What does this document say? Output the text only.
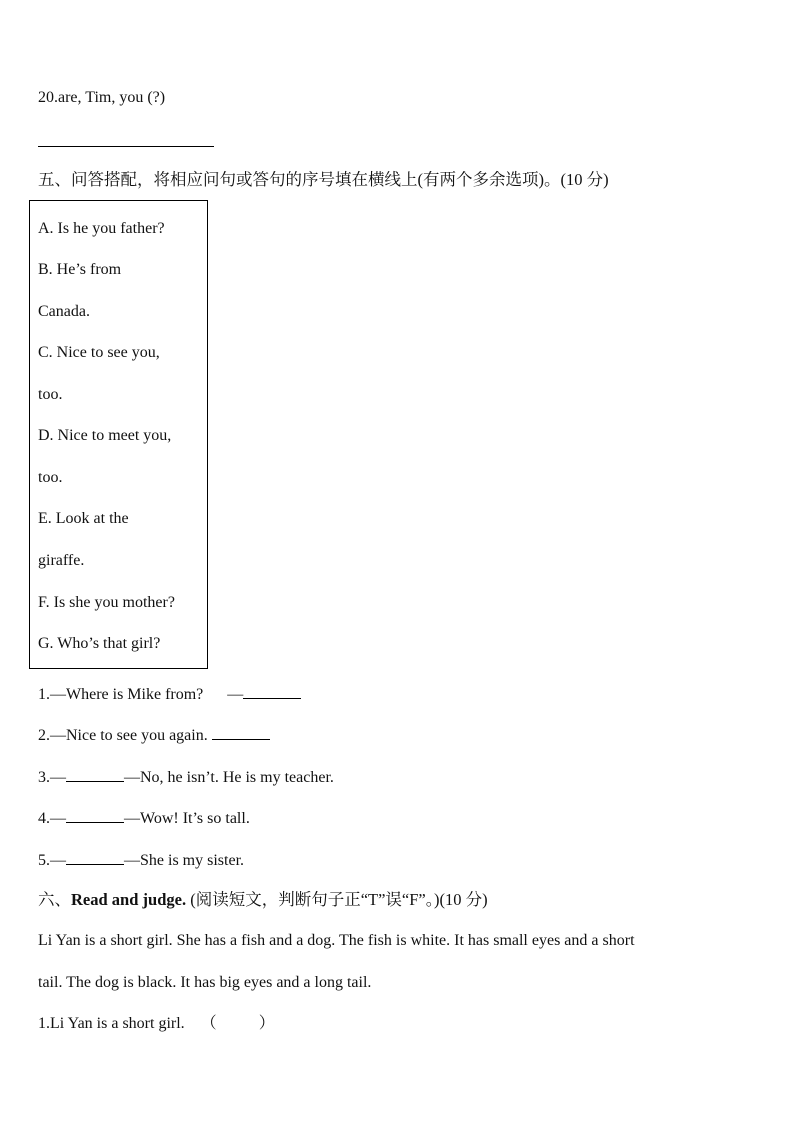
20.are, Tim, you (?)
五、问答搭配，将相应问句或答句的序号填在横线上(有两个多余选项)。(10 分)
A. Is he you father?
B. He’s from
Canada.
C. Nice to see you,
too.
D. Nice to meet you,
too.
E. Look at the
giraffe.
F. Is she you mother?
G. Who’s that girl?
1.—Where is Mike from? —
2.—Nice to see you again.
3.—	—No, he isn’t. He is my teacher.
4.—	—Wow! It’s so tall.
5.—	—She is my sister.
六、Read and judge. (阅读短文，判断句子正“T”误“F”。)(10 分)
Li Yan is a short girl. She has a fish and a dog. The fish is white. It has small eyes and a short
tail. The dog is black. It has big eyes and a long tail.
1.Li Yan is a short girl. （	）
